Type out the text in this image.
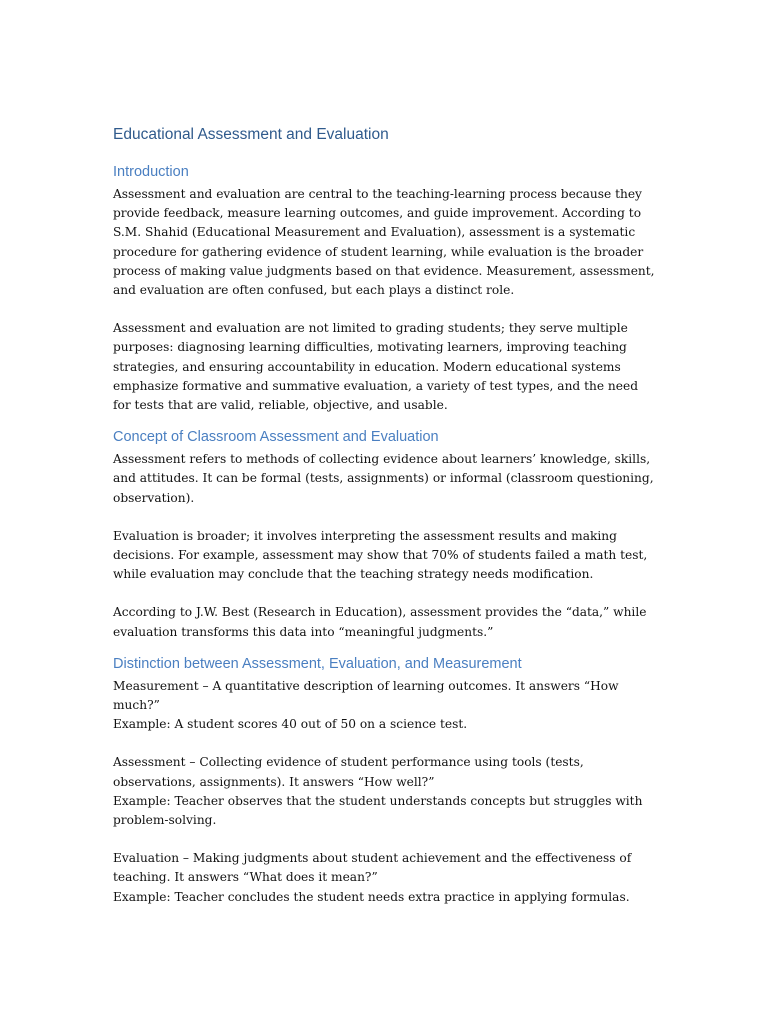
Educational Assessment and Evaluation
Introduction

Assessment and evaluation are central to the teaching-learning process because they provide feedback, measure learning outcomes, and guide improvement. According to S.M. Shahid (Educational Measurement and Evaluation), assessment is a systematic procedure for gathering evidence of student learning, while evaluation is the broader process of making value judgments based on that evidence. Measurement, assessment, and evaluation are often confused, but each plays a distinct role.

Assessment and evaluation are not limited to grading students; they serve multiple purposes: diagnosing learning difficulties, motivating learners, improving teaching strategies, and ensuring accountability in education. Modern educational systems emphasize formative and summative evaluation, a variety of test types, and the need for tests that are valid, reliable, objective, and usable.

Concept of Classroom Assessment and Evaluation

Assessment refers to methods of collecting evidence about learners’ knowledge, skills, and attitudes. It can be formal (tests, assignments) or informal (classroom questioning, observation).

Evaluation is broader; it involves interpreting the assessment results and making decisions. For example, assessment may show that 70% of students failed a math test, while evaluation may conclude that the teaching strategy needs modification.

According to J.W. Best (Research in Education), assessment provides the “data,” while evaluation transforms this data into “meaningful judgments.”

Distinction between Assessment, Evaluation, and Measurement

Measurement – A quantitative description of learning outcomes. It answers “How much?”

Example: A student scores 40 out of 50 on a science test.

Assessment – Collecting evidence of student performance using tools (tests, observations, assignments). It answers “How well?”

Example: Teacher observes that the student understands concepts but struggles with problem-solving.

Evaluation – Making judgments about student achievement and the effectiveness of teaching. It answers “What does it mean?”

Example: Teacher concludes the student needs extra practice in applying formulas.
